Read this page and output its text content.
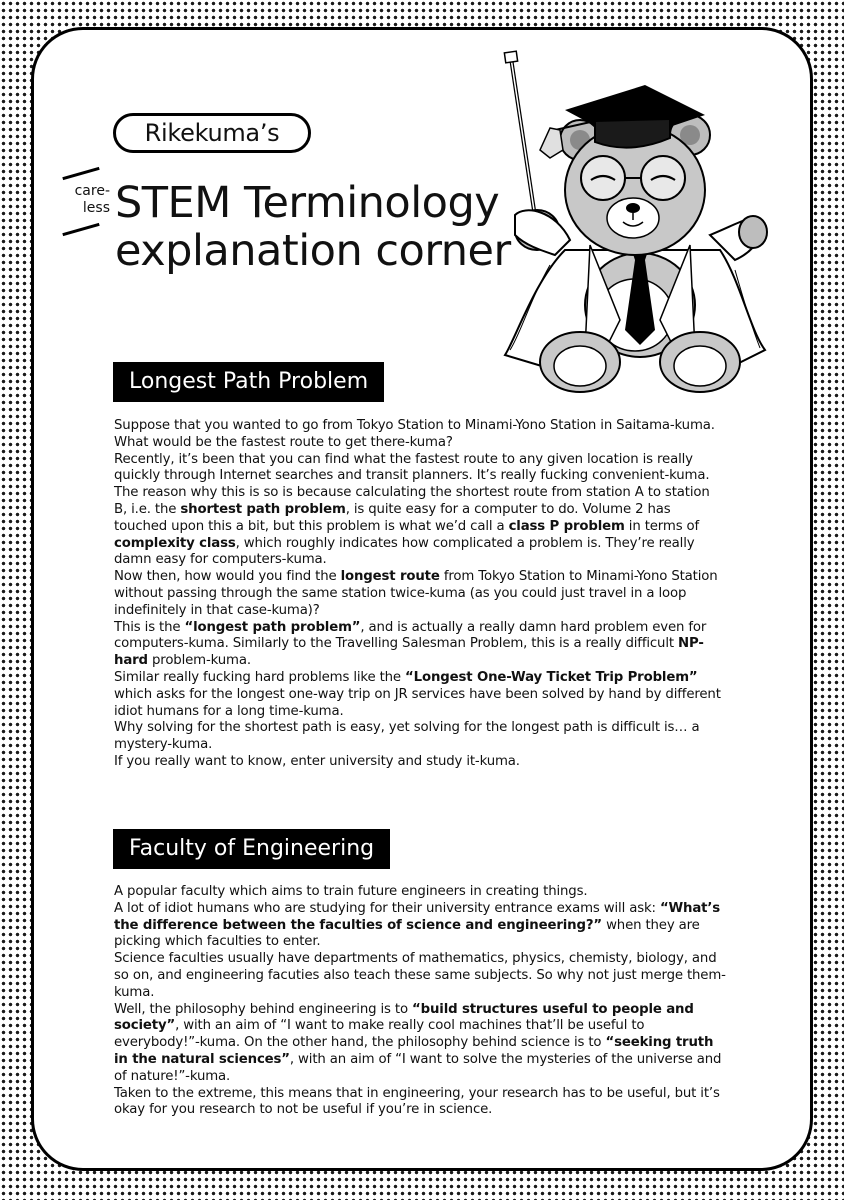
Rikekuma’s
care-
less STEM Terminology
explanation corner
Longest Path Problem

Suppose that you wanted to go from Tokyo Station to Minami-Yono Station in Saitama-kuma. What would be the fastest route to get there-kuma?

Recently, it’s been that you can find what the fastest route to any given location is really quickly through Internet searches and transit planners. It’s really fucking convenient-kuma.

The reason why this is so is because calculating the shortest route from station A to station B, i.e. the shortest path problem, is quite easy for a computer to do. Volume 2 has touched upon this a bit, but this problem is what we’d call a class P problem in terms of complexity class, which roughly indicates how complicated a problem is. They’re really damn easy for computers-kuma.

Now then, how would you find the longest route from Tokyo Station to Minami-Yono Station without passing through the same station twice-kuma (as you could just travel in a loop indefinitely in that case-kuma)?

This is the “longest path problem”, and is actually a really damn hard problem even for computers-kuma. Similarly to the Travelling Salesman Problem, this is a really difficult NP-hard problem-kuma.

Similar really fucking hard problems like the “Longest One-Way Ticket Trip Problem” which asks for the longest one-way trip on JR services have been solved by hand by different idiot humans for a long time-kuma.

Why solving for the shortest path is easy, yet solving for the longest path is difficult is… a mystery-kuma.

If you really want to know, enter university and study it-kuma.

Faculty of Engineering

A popular faculty which aims to train future engineers in creating things.

A lot of idiot humans who are studying for their university entrance exams will ask: “What’s the difference between the faculties of science and engineering?” when they are picking which faculties to enter.

Science faculties usually have departments of mathematics, physics, chemisty, biology, and so on, and engineering facuties also teach these same subjects. So why not just merge them-kuma.

Well, the philosophy behind engineering is to “build structures useful to people and society”, with an aim of “I want to make really cool machines that’ll be useful to everybody!”-kuma. On the other hand, the philosophy behind science is to “seeking truth in the natural sciences”, with an aim of “I want to solve the mysteries of the universe and of nature!”-kuma.

Taken to the extreme, this means that in engineering, your research has to be useful, but it’s okay for you research to not be useful if you’re in science.
